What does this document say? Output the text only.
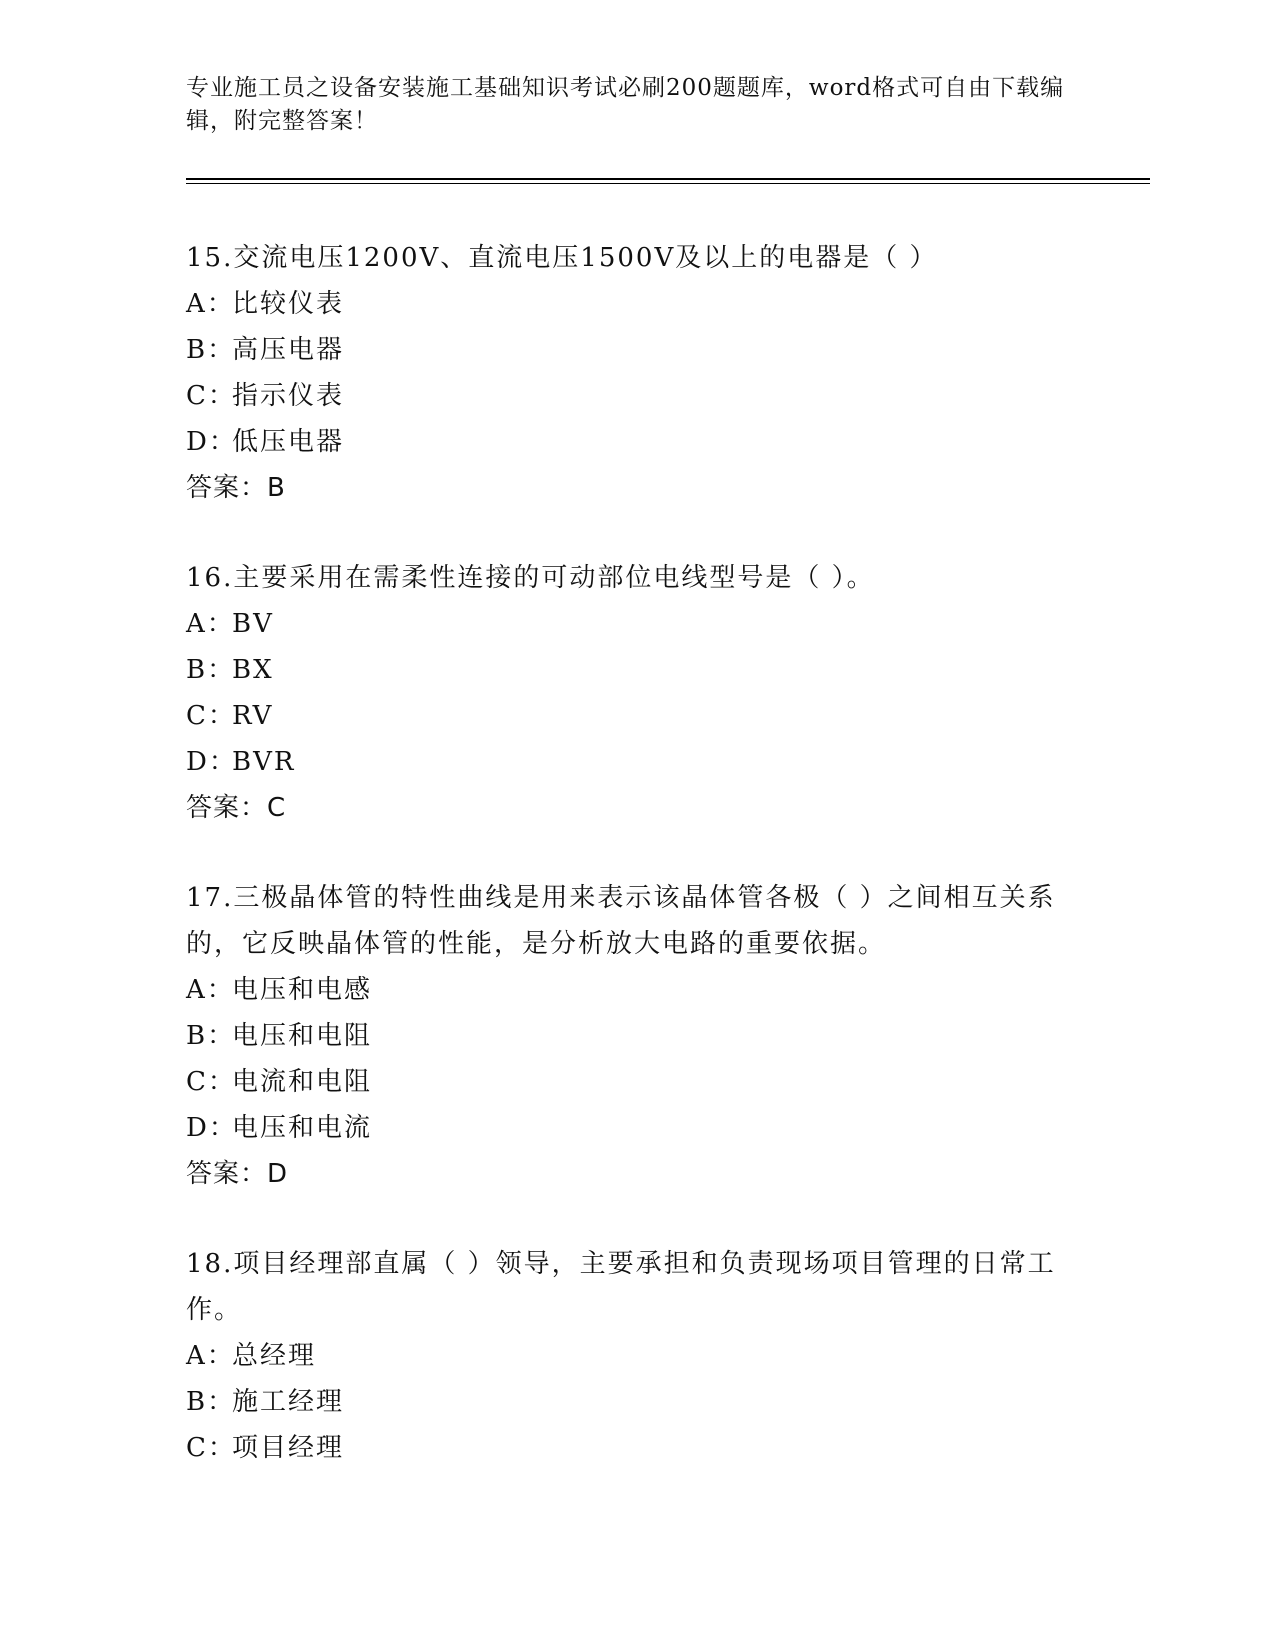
专业施工员之设备安装施工基础知识考试必刷200题题库，word格式可自由下载编辑，附完整答案！

15.交流电压1200V、直流电压1500V及以上的电器是（ ）

A：比较仪表
B：高压电器
C：指示仪表
D：低压电器
答案：B

16.主要采用在需柔性连接的可动部位电线型号是（ ）。

A：BV
B：BX
C：RV
D：BVR
答案：C

17.三极晶体管的特性曲线是用来表示该晶体管各极（ ）之间相互关系的，它反映晶体管的性能，是分析放大电路的重要依据。

A：电压和电感
B：电压和电阻
C：电流和电阻
D：电压和电流
答案：D

18.项目经理部直属（ ）领导，主要承担和负责现场项目管理的日常工作。

A：总经理
B：施工经理
C：项目经理
